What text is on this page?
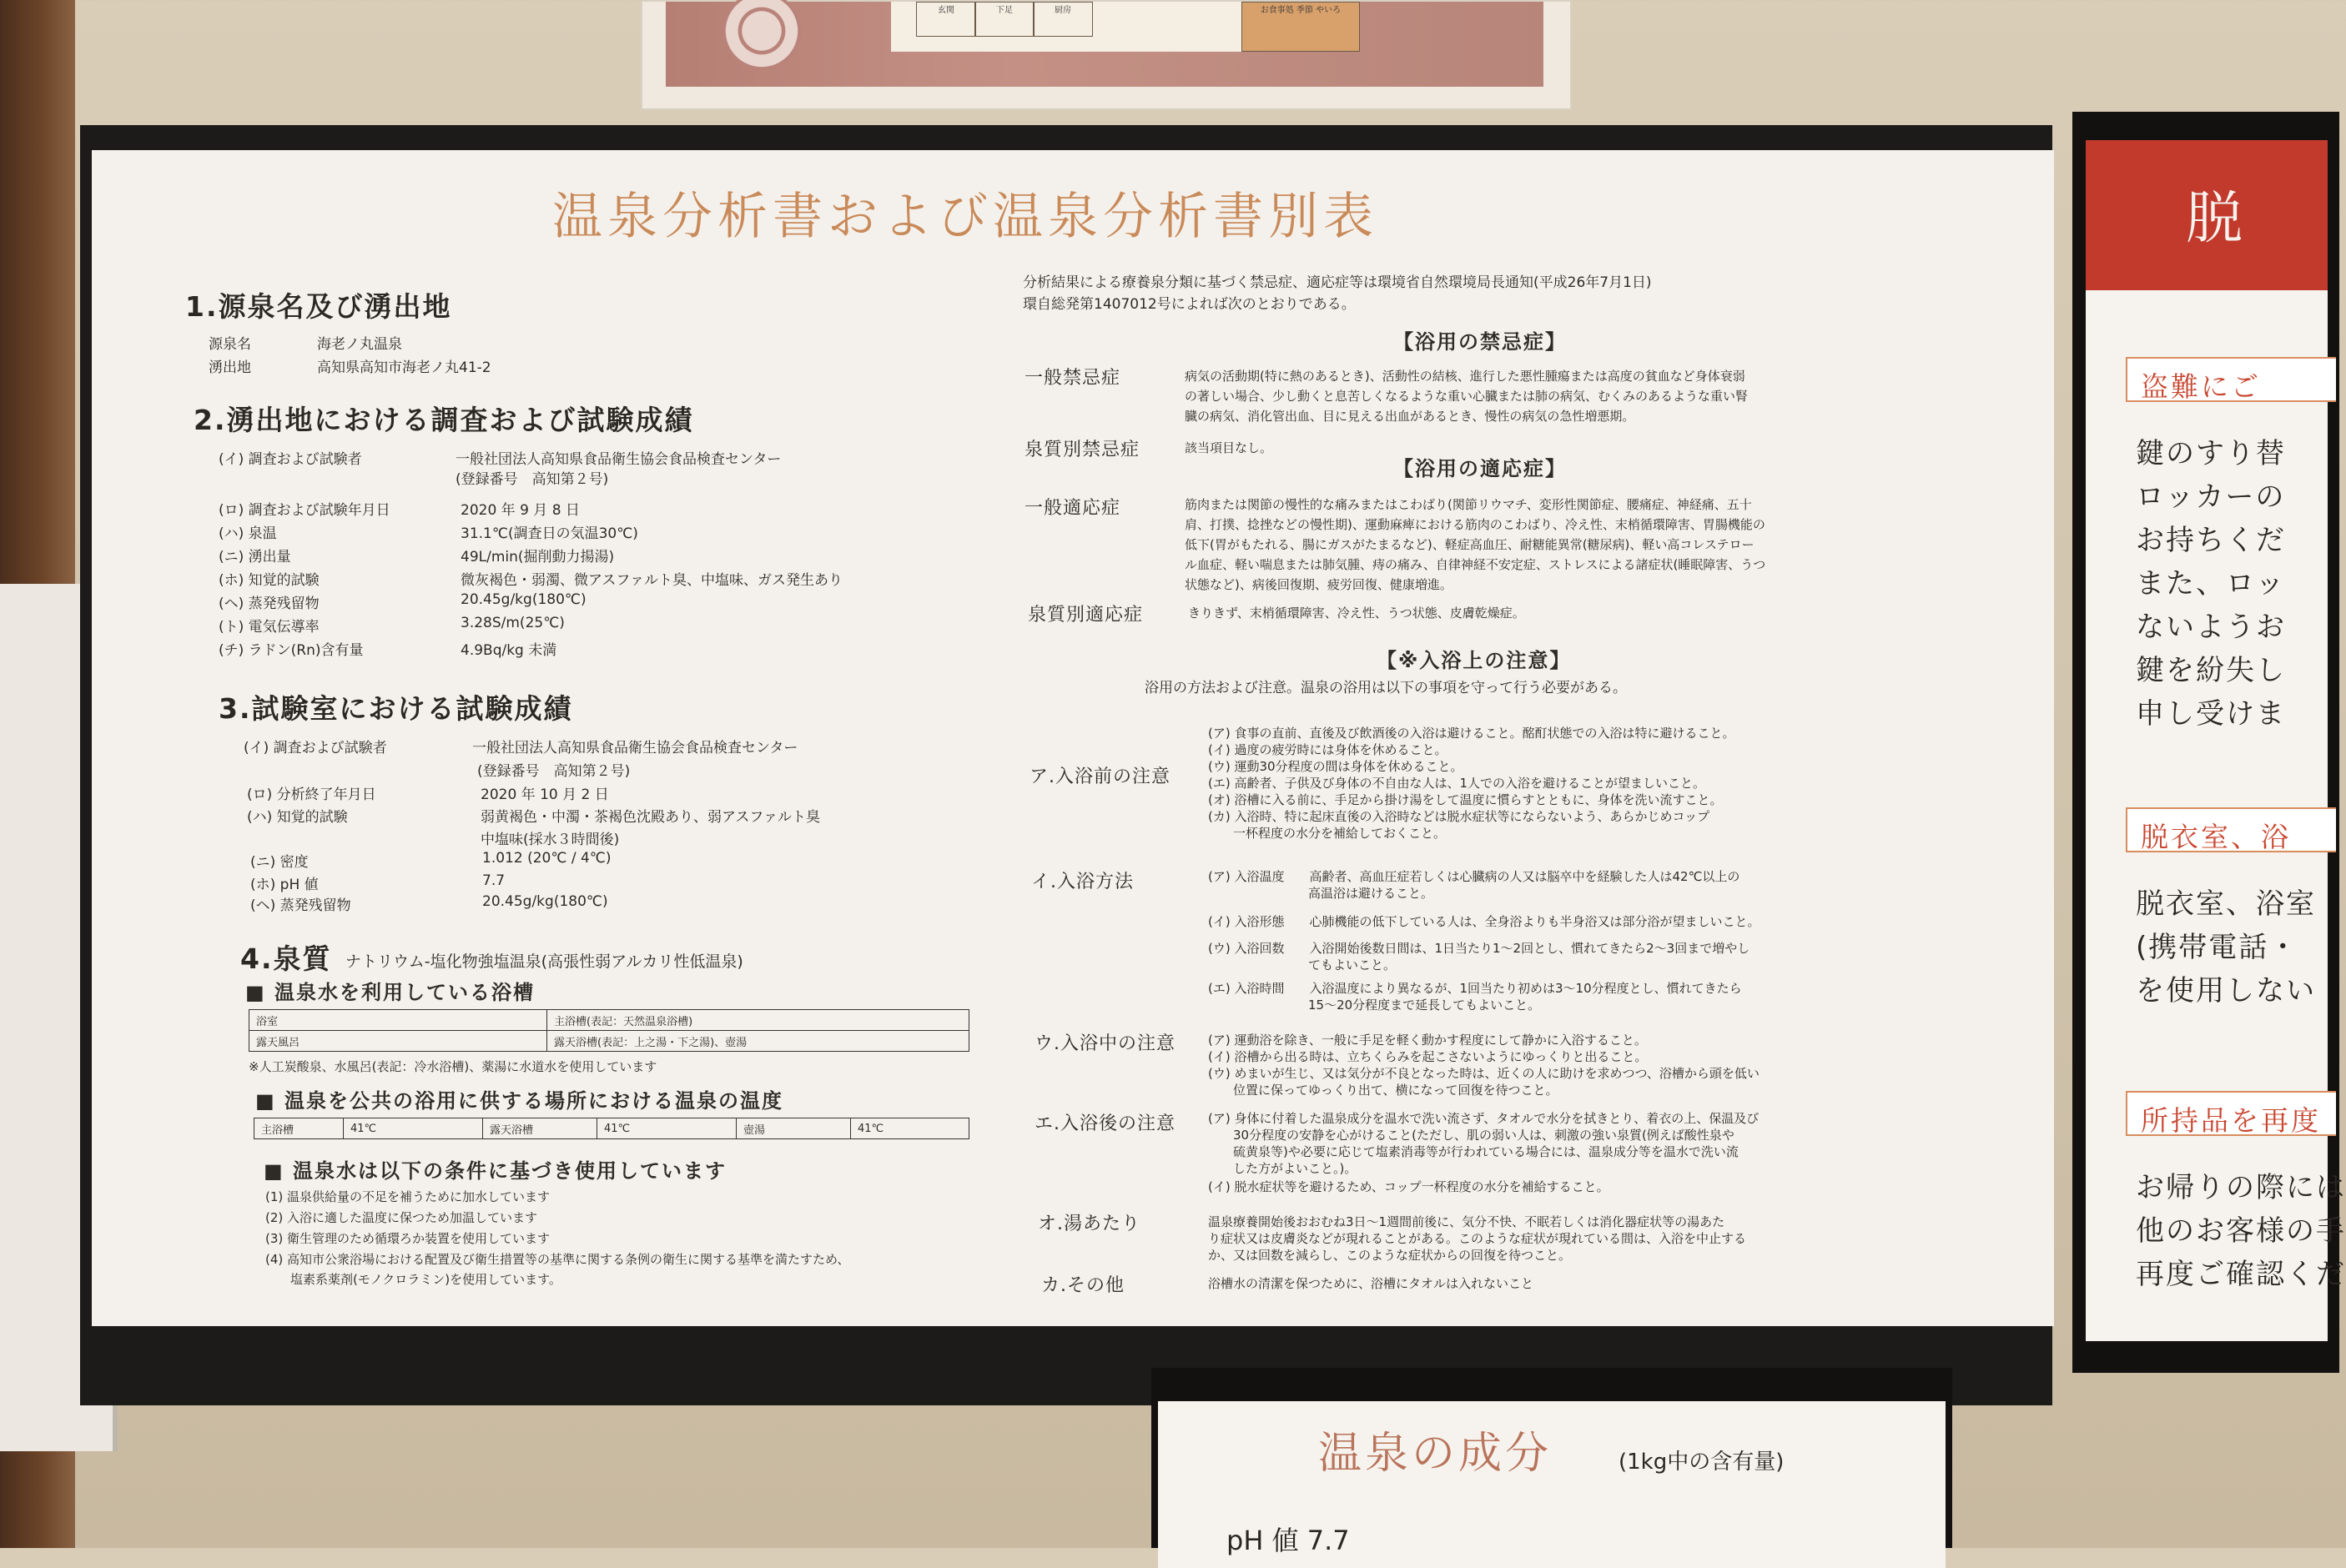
玄関	下足	厨房	お食事処 季節 やいろ
温泉分析書および温泉分析書別表
1.源泉名及び湧出地
源泉名	海老ノ丸温泉
湧出地	高知県高知市海老ノ丸41-2
2.湧出地における調査および試験成績
(イ) 調査および試験者	一般社団法人高知県食品衛生協会食品検査センター
(登録番号　高知第２号)
(ロ) 調査および試験年月日	2020 年 9 月 8 日
(ハ) 泉温	31.1℃(調査日の気温30℃)
(ニ) 湧出量	49L/min(掘削動力揚湯)
(ホ) 知覚的試験	微灰褐色・弱濁、微アスファルト臭、中塩味、ガス発生あり
(ヘ) 蒸発残留物	20.45g/kg(180℃)
(ト) 電気伝導率	3.28S/m(25℃)
(チ) ラドン(Rn)含有量	4.9Bq/kg 未満
3.試験室における試験成績
(イ) 調査および試験者	一般社団法人高知県食品衛生協会食品検査センター
(登録番号　高知第２号)
(ロ) 分析終了年月日	2020 年 10 月 2 日
(ハ) 知覚的試験	弱黄褐色・中濁・茶褐色沈殿あり、弱アスファルト臭
中塩味(採水３時間後)
(ニ) 密度	1.012 (20℃ / 4℃)
(ホ) pH 値	7.7
(ヘ) 蒸発残留物	20.45g/kg(180℃)
4.泉質 ナトリウム-塩化物強塩温泉(高張性弱アルカリ性低温泉)
■ 温泉水を利用している浴槽
浴室	主浴槽(表記：天然温泉浴槽)
露天風呂	露天浴槽(表記：上之湯・下之湯)、壺湯
※人工炭酸泉、水風呂(表記：冷水浴槽)、薬湯に水道水を使用しています
■ 温泉を公共の浴用に供する場所における温泉の温度
主浴槽	41℃	露天浴槽	41℃	壺湯	41℃
■ 温泉水は以下の条件に基づき使用しています
(1) 温泉供給量の不足を補うために加水しています
(2) 入浴に適した温度に保つため加温しています
(3) 衛生管理のため循環ろか装置を使用しています
(4) 高知市公衆浴場における配置及び衛生措置等の基準に関する条例の衛生に関する基準を満たすため、
　　塩素系薬剤(モノクロラミン)を使用しています。
分析結果による療養泉分類に基づく禁忌症、適応症等は環境省自然環境局長通知(平成26年7月1日)
環自総発第1407012号によれば次のとおりである。
【浴用の禁忌症】
一般禁忌症	病気の活動期(特に熱のあるとき)、活動性の結核、進行した悪性腫瘍または高度の貧血など身体衰弱
の著しい場合、少し動くと息苦しくなるような重い心臓または肺の病気、むくみのあるような重い腎
臓の病気、消化管出血、目に見える出血があるとき、慢性の病気の急性増悪期。
泉質別禁忌症	該当項目なし。
【浴用の適応症】
一般適応症	筋肉または関節の慢性的な痛みまたはこわばり(関節リウマチ、変形性関節症、腰痛症、神経痛、五十
肩、打撲、捻挫などの慢性期)、運動麻痺における筋肉のこわばり、冷え性、末梢循環障害、胃腸機能の
低下(胃がもたれる、腸にガスがたまるなど)、軽症高血圧、耐糖能異常(糖尿病)、軽い高コレステロー
ル血症、軽い喘息または肺気腫、痔の痛み、自律神経不安定症、ストレスによる諸症状(睡眠障害、うつ
状態など)、病後回復期、疲労回復、健康増進。
泉質別適応症	きりきず、末梢循環障害、冷え性、うつ状態、皮膚乾燥症。
【※入浴上の注意】
浴用の方法および注意。温泉の浴用は以下の事項を守って行う必要がある。
ア.入浴前の注意
(ア) 食事の直前、直後及び飲酒後の入浴は避けること。酩酊状態での入浴は特に避けること。
(イ) 過度の疲労時には身体を休めること。
(ウ) 運動30分程度の間は身体を休めること。
(エ) 高齢者、子供及び身体の不自由な人は、1人での入浴を避けることが望ましいこと。
(オ) 浴槽に入る前に、手足から掛け湯をして温度に慣らすとともに、身体を洗い流すこと。
(カ) 入浴時、特に起床直後の入浴時などは脱水症状等にならないよう、あらかじめコップ
　　一杯程度の水分を補給しておくこと。
イ.入浴方法	(ア) 入浴温度　　高齢者、高血圧症若しくは心臓病の人又は脳卒中を経験した人は42℃以上の
　　　　　　　　高温浴は避けること。
(イ) 入浴形態　　心肺機能の低下している人は、全身浴よりも半身浴又は部分浴が望ましいこと。
(ウ) 入浴回数　　入浴開始後数日間は、1日当たり1～2回とし、慣れてきたら2～3回まで増やし
　　　　　　　　てもよいこと。
(エ) 入浴時間　　入浴温度により異なるが、1回当たり初めは3～10分程度とし、慣れてきたら
　　　　　　　　15～20分程度まで延長してもよいこと。
ウ.入浴中の注意	(ア) 運動浴を除き、一般に手足を軽く動かす程度にして静かに入浴すること。
(イ) 浴槽から出る時は、立ちくらみを起こさないようにゆっくりと出ること。
(ウ) めまいが生じ、又は気分が不良となった時は、近くの人に助けを求めつつ、浴槽から頭を低い
　　位置に保ってゆっくり出て、横になって回復を待つこと。
エ.入浴後の注意	(ア) 身体に付着した温泉成分を温水で洗い流さず、タオルで水分を拭きとり、着衣の上、保温及び
　　30分程度の安静を心がけること(ただし、肌の弱い人は、刺激の強い泉質(例えば酸性泉や
　　硫黄泉等)や必要に応じて塩素消毒等が行われている場合には、温泉成分等を温水で洗い流
　　した方がよいこと。)。
(イ) 脱水症状等を避けるため、コップ一杯程度の水分を補給すること。
オ.湯あたり	温泉療養開始後おおむね3日～1週間前後に、気分不快、不眠若しくは消化器症状等の湯あた
り症状又は皮膚炎などが現れることがある。このような症状が現れている間は、入浴を中止する
か、又は回数を減らし、このような症状からの回復を待つこと。
カ.その他	浴槽水の清潔を保つために、浴槽にタオルは入れないこと
脱
盗難にご
鍵のすり替
ロッカーの
お持ちくだ
また、ロッ
ないようお
鍵を紛失し
申し受けま
脱衣室、浴
脱衣室、浴室
(携帯電話・
を使用しない
所持品を再度
お帰りの際には
他のお客様の手
再度ご確認くだ
温泉の成分	(1kg中の含有量)
pH 値 7.7
